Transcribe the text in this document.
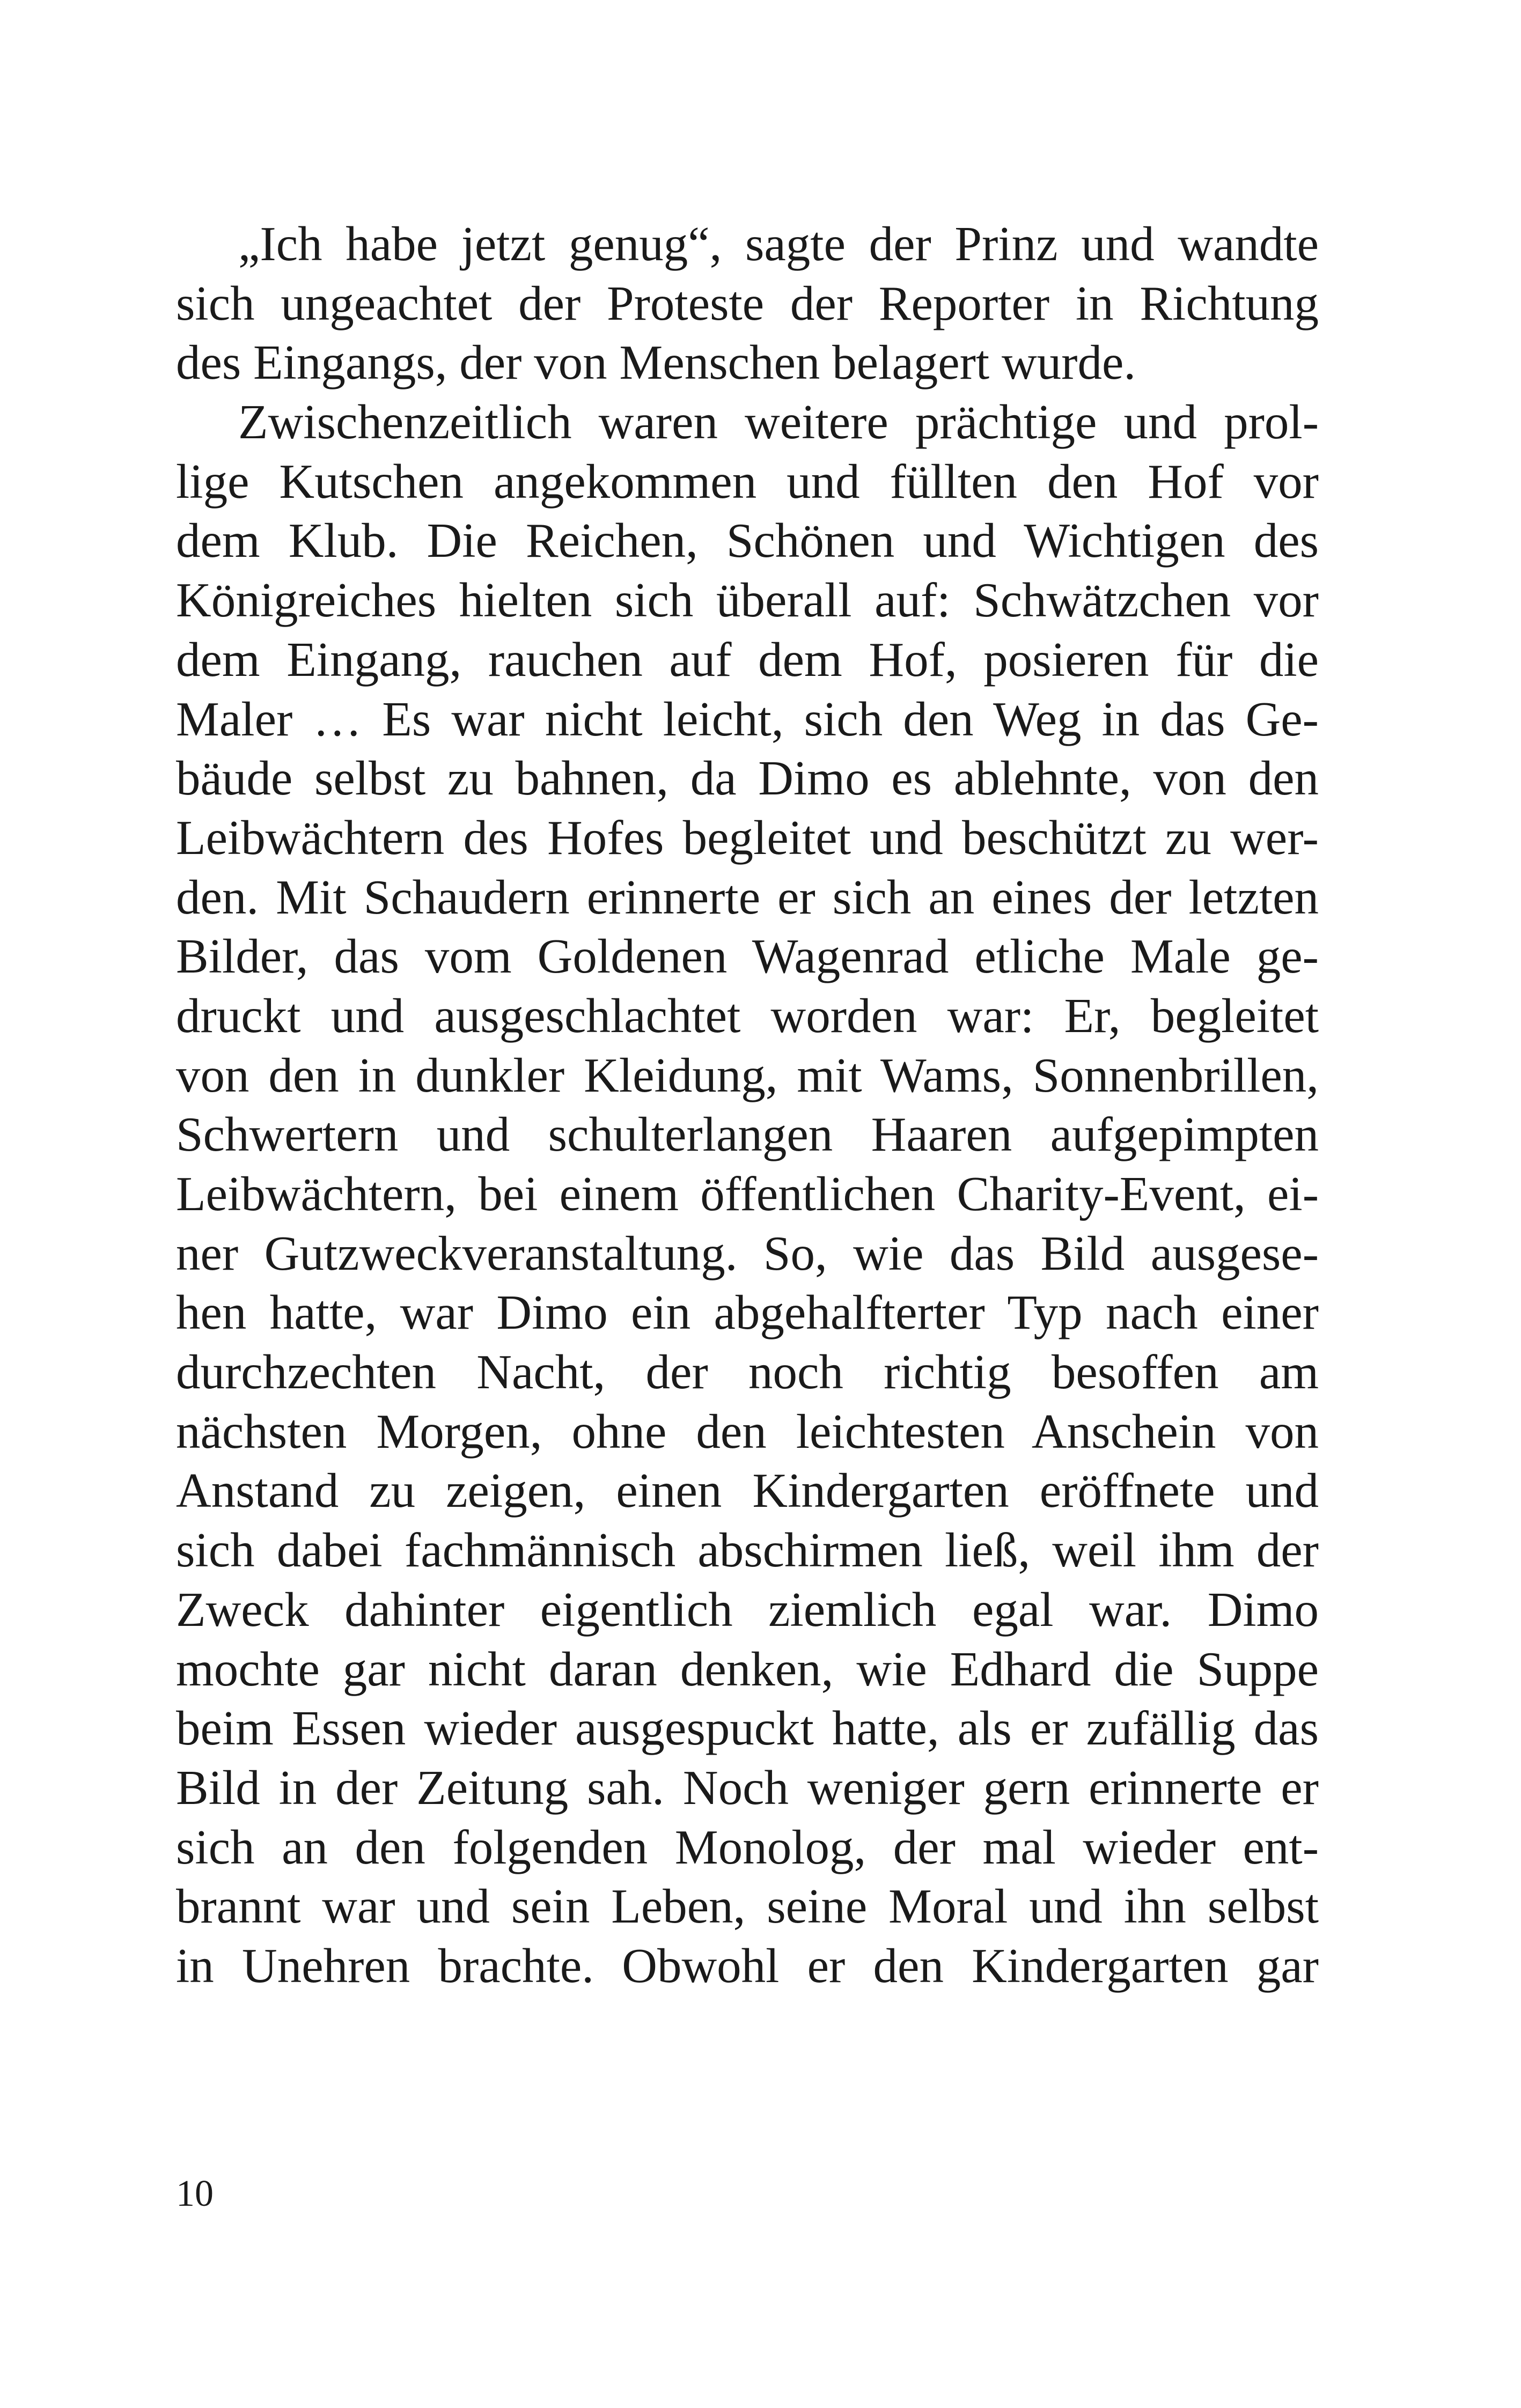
„Ich habe jetzt genug“, sagte der Prinz und wandte
sich ungeachtet der Proteste der Reporter in Richtung
des Eingangs, der von Menschen belagert wurde.
Zwischenzeitlich waren weitere prächtige und prol-
lige Kutschen angekommen und füllten den Hof vor
dem Klub. Die Reichen, Schönen und Wichtigen des
Königreiches hielten sich überall auf: Schwätzchen vor
dem Eingang, rauchen auf dem Hof, posieren für die
Maler … Es war nicht leicht, sich den Weg in das Ge-
bäude selbst zu bahnen, da Dimo es ablehnte, von den
Leibwächtern des Hofes begleitet und beschützt zu wer-
den. Mit Schaudern erinnerte er sich an eines der letzten
Bilder, das vom Goldenen Wagenrad etliche Male ge-
druckt und ausgeschlachtet worden war: Er, begleitet
von den in dunkler Kleidung, mit Wams, Sonnenbrillen,
Schwertern und schulterlangen Haaren aufgepimpten
Leibwächtern, bei einem öffentlichen Charity-Event, ei-
ner Gutzweckveranstaltung. So, wie das Bild ausgese-
hen hatte, war Dimo ein abgehalfterter Typ nach einer
durchzechten Nacht, der noch richtig besoffen am
nächsten Morgen, ohne den leichtesten Anschein von
Anstand zu zeigen, einen Kindergarten eröffnete und
sich dabei fachmännisch abschirmen ließ, weil ihm der
Zweck dahinter eigentlich ziemlich egal war. Dimo
mochte gar nicht daran denken, wie Edhard die Suppe
beim Essen wieder ausgespuckt hatte, als er zufällig das
Bild in der Zeitung sah. Noch weniger gern erinnerte er
sich an den folgenden Monolog, der mal wieder ent-
brannt war und sein Leben, seine Moral und ihn selbst
in Unehren brachte. Obwohl er den Kindergarten gar
10
